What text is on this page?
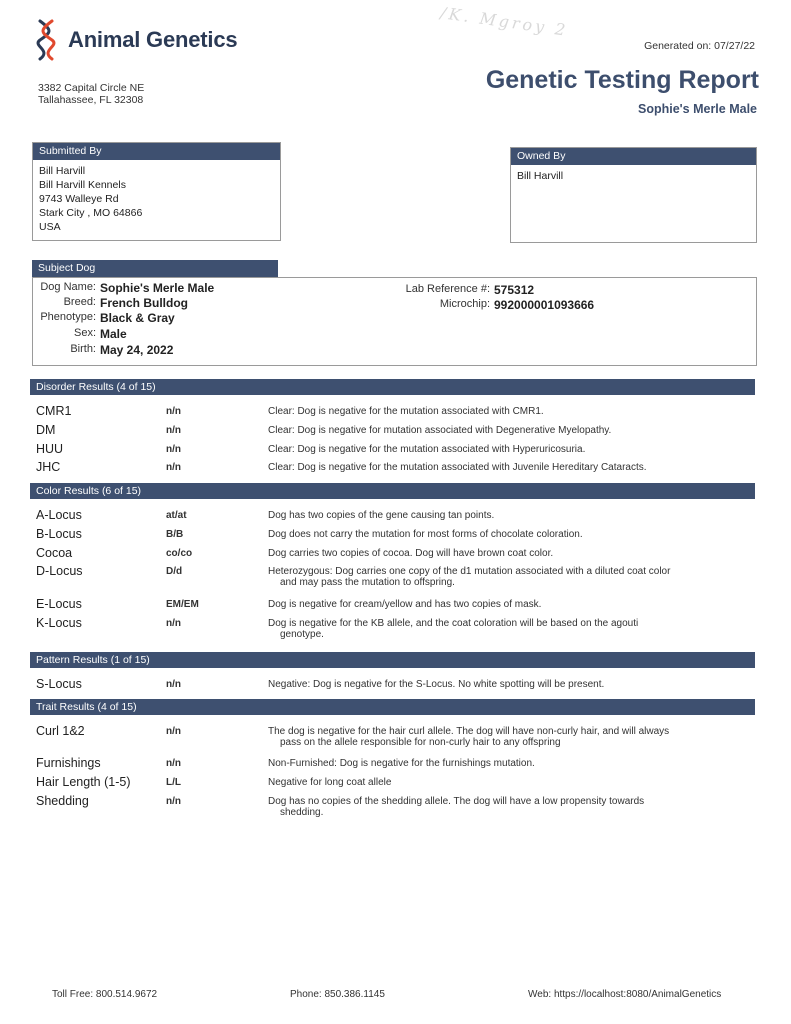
/K. Mgroy 2
Animal Genetics
3382 Capital Circle NE
Tallahassee, FL 32308
Generated on: 07/27/22
Genetic Testing Report
Sophie's Merle Male
Submitted By
Bill Harvill
Bill Harvill Kennels
9743 Walleye Rd
Stark City , MO 64866
USA
Owned By
Bill Harvill
Subject Dog
Dog Name: Sophie's Merle Male
Breed: French Bulldog
Phenotype: Black & Gray
Sex: Male
Birth: May 24, 2022
Lab Reference #: 575312
Microchip: 992000001093666
Disorder Results (4 of 15)
CMR1	n/n	Clear: Dog is negative for the mutation associated with CMR1.
DM	n/n	Clear: Dog is negative for mutation associated with Degenerative Myelopathy.
HUU	n/n	Clear: Dog is negative for the mutation associated with Hyperuricosuria.
JHC	n/n	Clear: Dog is negative for the mutation associated with Juvenile Hereditary Cataracts.
Color Results (6 of 15)
A-Locus	at/at	Dog has two copies of the gene causing tan points.
B-Locus	B/B	Dog does not carry the mutation for most forms of chocolate coloration.
Cocoa	co/co	Dog carries two copies of cocoa. Dog will have brown coat color.
D-Locus	D/d	Heterozygous: Dog carries one copy of the d1 mutation associated with a diluted coat color
and may pass the mutation to offspring.
E-Locus	EM/EM	Dog is negative for cream/yellow and has two copies of mask.
K-Locus	n/n	Dog is negative for the KB allele, and the coat coloration will be based on the agouti
genotype.
Pattern Results (1 of 15)
S-Locus	n/n	Negative: Dog is negative for the S-Locus. No white spotting will be present.
Trait Results (4 of 15)
Curl 1&2	n/n	The dog is negative for the hair curl allele. The dog will have non-curly hair, and will always
pass on the allele responsible for non-curly hair to any offspring
Furnishings	n/n	Non-Furnished: Dog is negative for the furnishings mutation.
Hair Length (1-5)	L/L	Negative for long coat allele
Shedding	n/n	Dog has no copies of the shedding allele. The dog will have a low propensity towards
shedding.
Toll Free: 800.514.9672	Phone: 850.386.1145	Web: https://localhost:8080/AnimalGenetics
